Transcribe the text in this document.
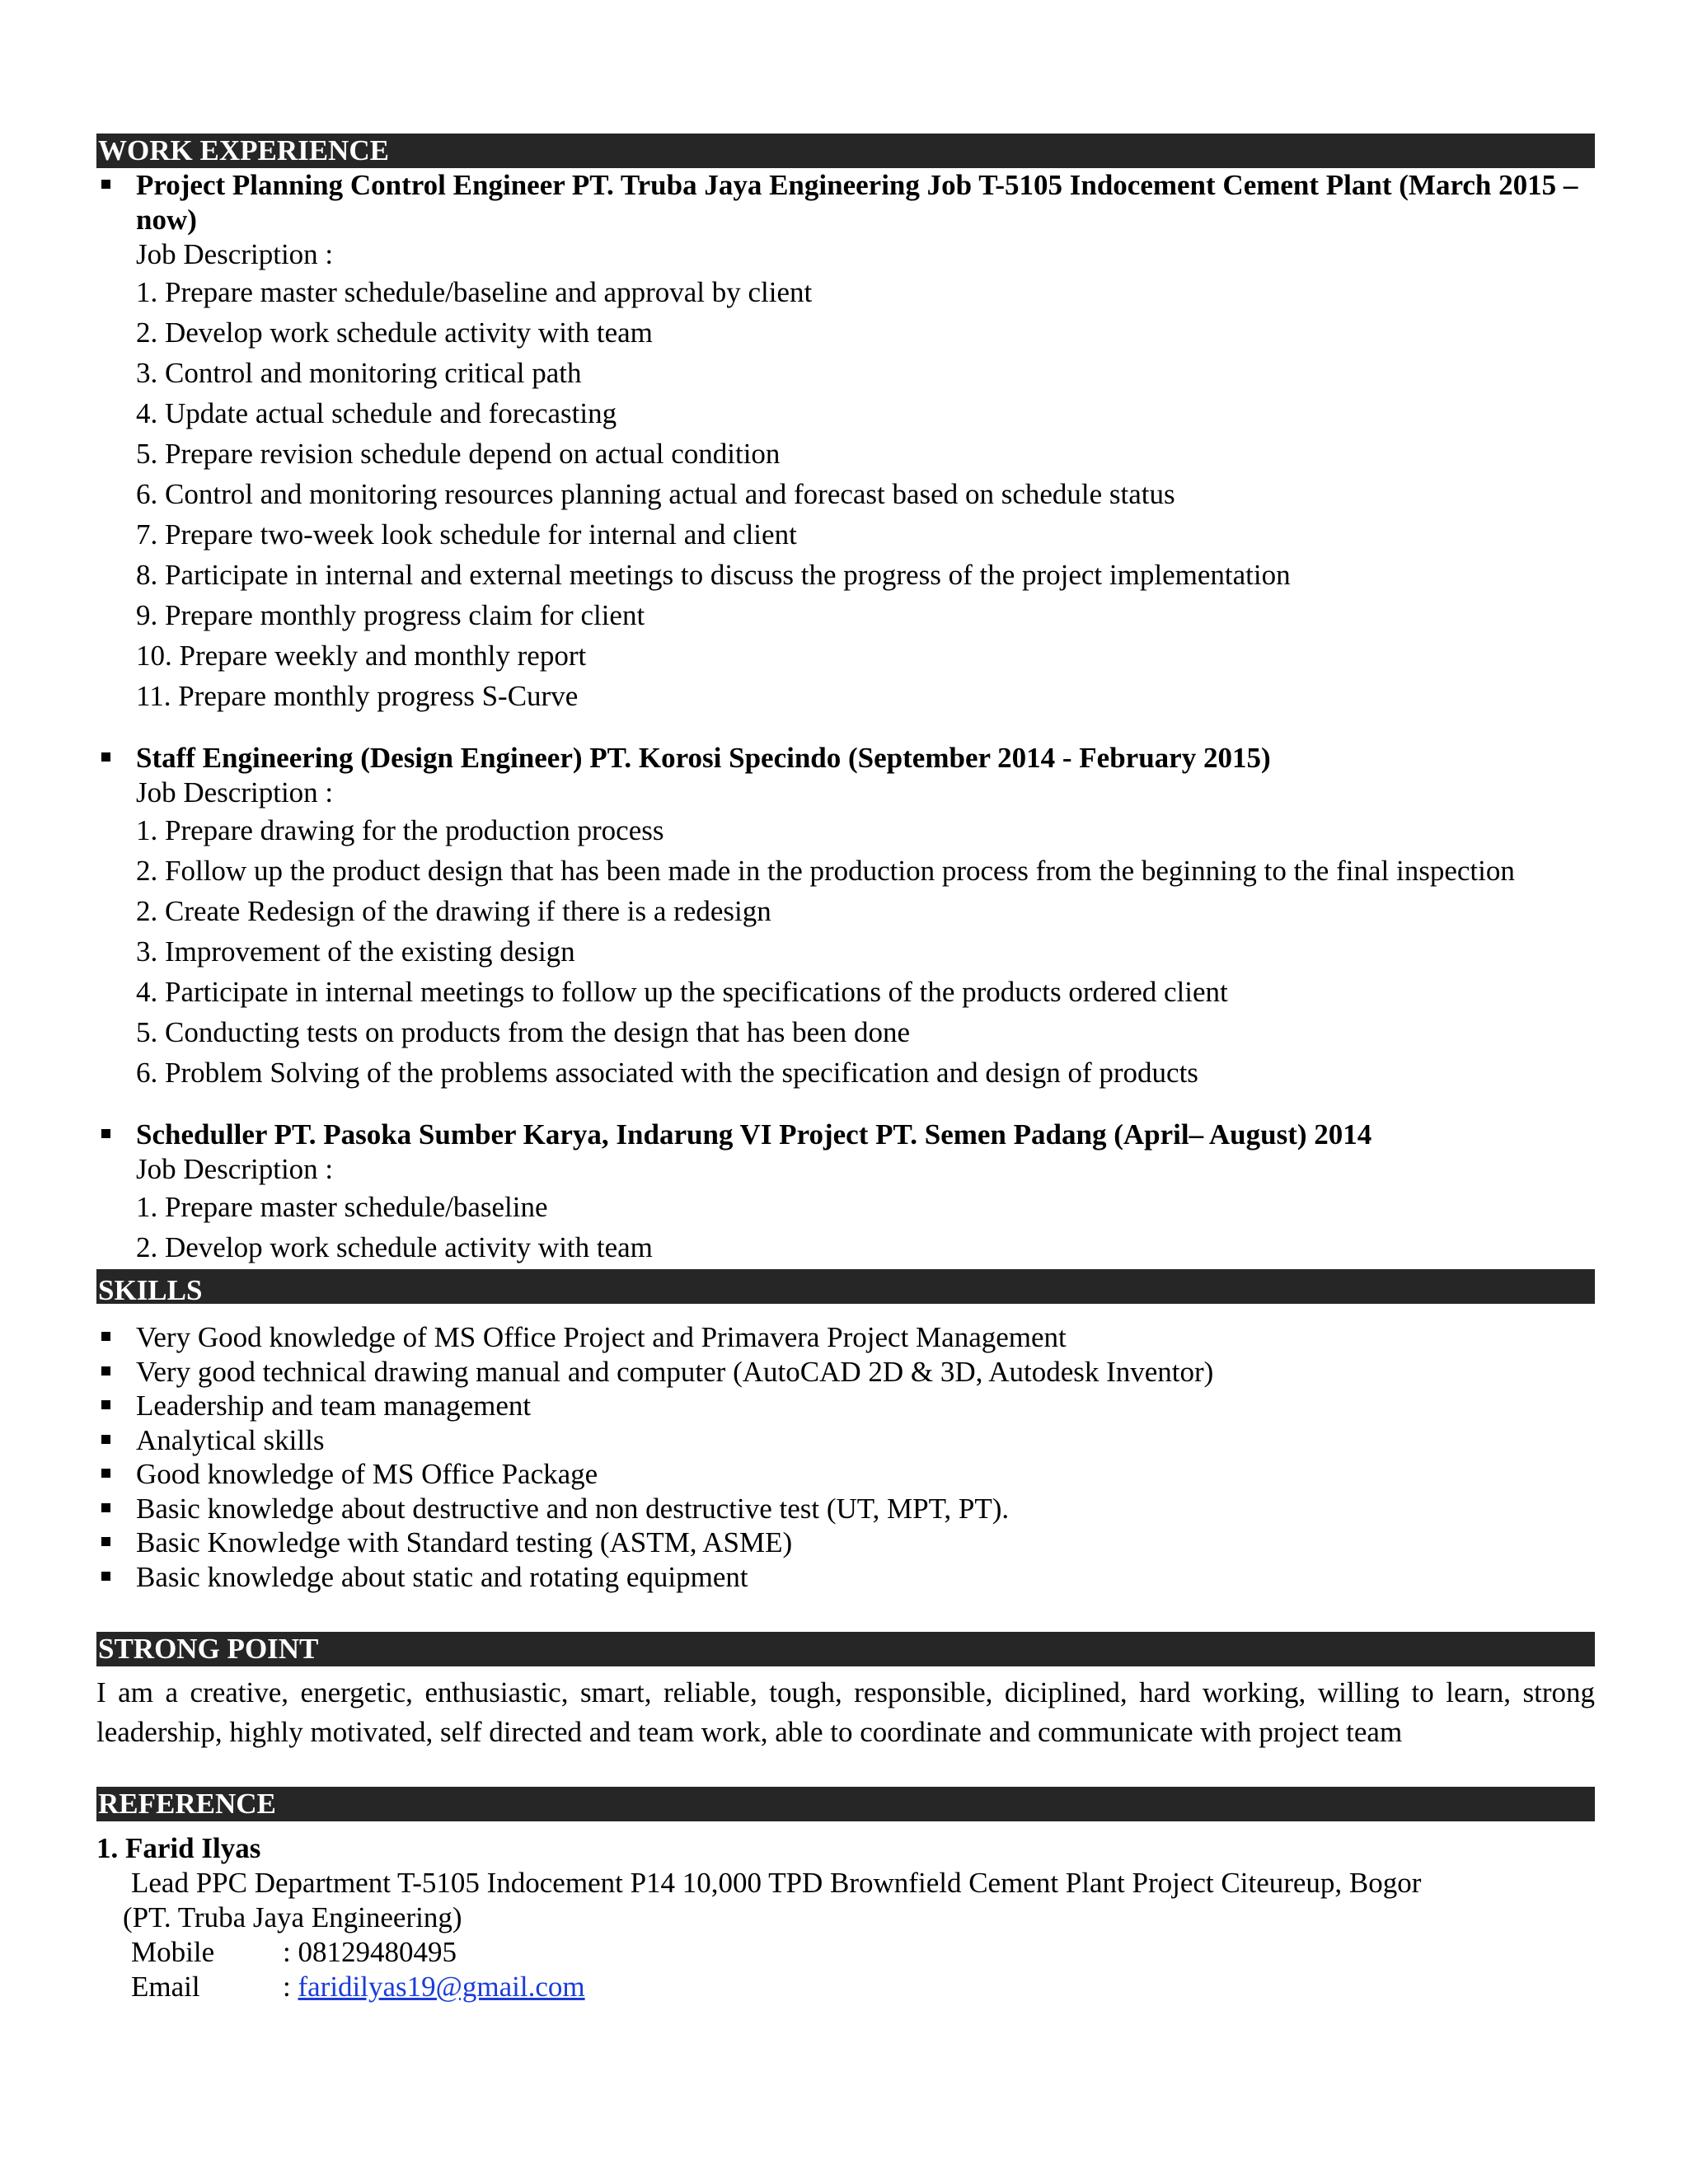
WORK EXPERIENCE
Project Planning Control Engineer PT. Truba Jaya Engineering Job T-5105 Indocement Cement Plant (March 2015 – now)
Job Description :
1. Prepare master schedule/baseline and approval by client
2. Develop work schedule activity with team
3. Control and monitoring critical path
4. Update actual schedule and forecasting
5. Prepare revision schedule depend on actual condition
6. Control and monitoring resources planning actual and forecast based on schedule status
7. Prepare two-week look schedule for internal and client
8. Participate in internal and external meetings to discuss the progress of the project implementation
9. Prepare monthly progress claim for client
10. Prepare weekly and monthly report
11. Prepare monthly progress S-Curve
Staff Engineering (Design Engineer) PT. Korosi Specindo (September 2014 - February 2015)
Job Description :
1. Prepare drawing for the production process
2. Follow up the product design that has been made in the production process from the beginning to the final inspection
2. Create Redesign of the drawing if there is a redesign
3. Improvement of the existing design
4. Participate in internal meetings to follow up the specifications of the products ordered client
5. Conducting tests on products from the design that has been done
6. Problem Solving of the problems associated with the specification and design of products
Scheduller PT. Pasoka Sumber Karya, Indarung VI Project PT. Semen Padang (April– August) 2014
Job Description :
1. Prepare master schedule/baseline
2. Develop work schedule activity with team
SKILLS
Very Good knowledge of MS Office Project and Primavera Project Management
Very good technical drawing manual and computer (AutoCAD 2D & 3D, Autodesk Inventor)
Leadership and team management
Analytical skills
Good knowledge of MS Office Package
Basic knowledge about destructive and non destructive test (UT, MPT, PT).
Basic Knowledge with Standard testing (ASTM, ASME)
Basic knowledge about static and rotating equipment
STRONG POINT
I am a creative, energetic, enthusiastic, smart, reliable, tough, responsible, diciplined, hard working, willing to learn, strong leadership, highly motivated, self directed and team work, able to coordinate and communicate with project team
REFERENCE
1. Farid Ilyas
Lead PPC Department T-5105 Indocement P14 10,000 TPD Brownfield Cement Plant Project Citeureup, Bogor
(PT. Truba Jaya Engineering)
Mobile	: 08129480495
Email	: faridilyas19@gmail.com
